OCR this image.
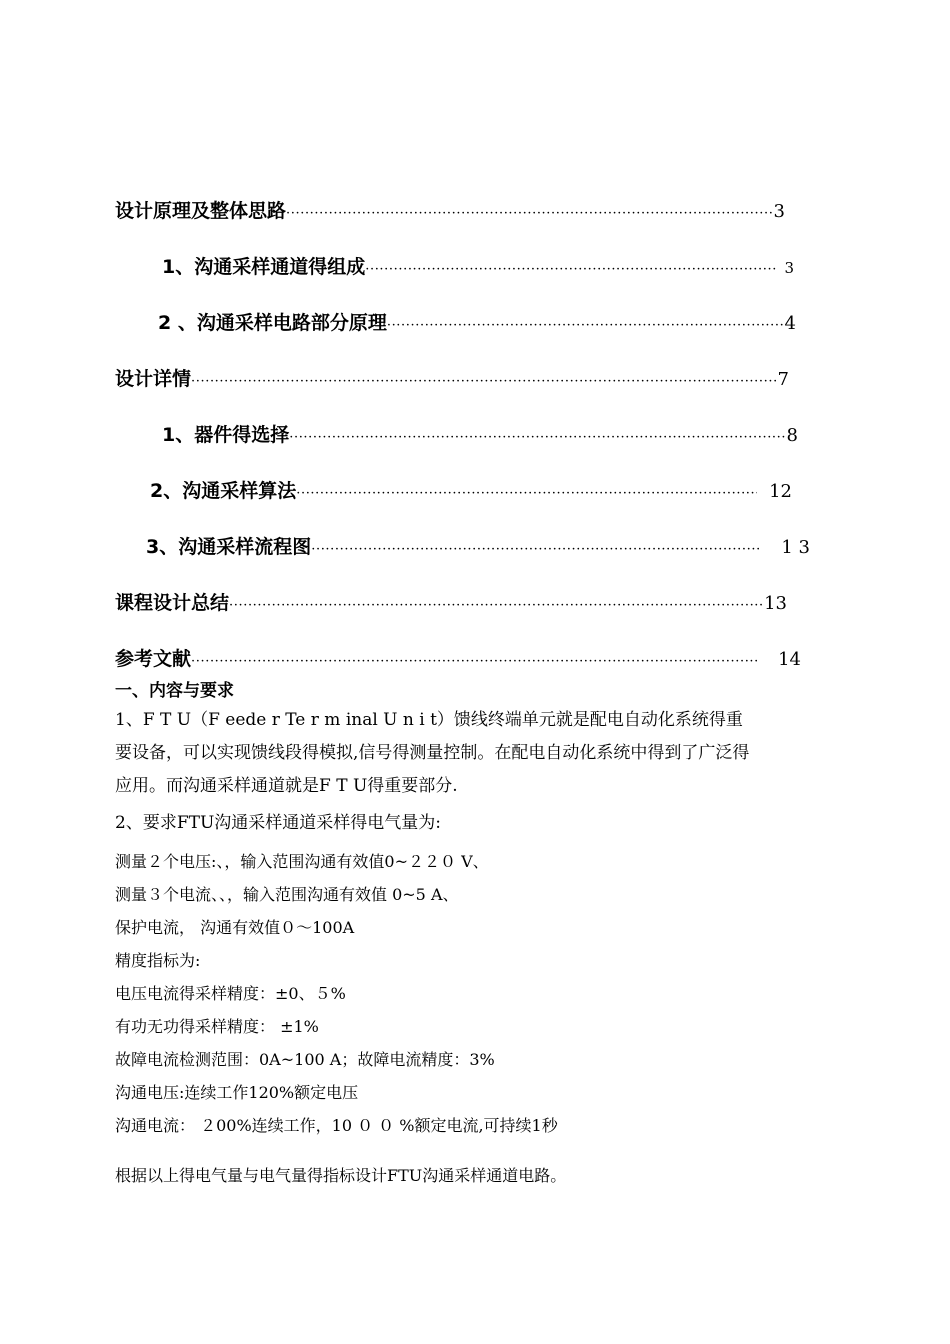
设计原理及整体思路 ·····	3
1、沟通采样通道得组成 ·····	3
2 、沟通采样电路部分原理 ·····	4
设计详情 ·····	7
1、器件得选择 ·····	8
2、沟通采样算法 ·····	12
3、沟通采样流程图 ·····	1 3
课程设计总结 ·····	13
参考文献 ·····	14
一、内容与要求
1、F T U（F eede r Te r m inal U n i t）馈线终端单元就是配电自动化系统得重
要设备，可以实现馈线段得模拟,信号得测量控制。在配电自动化系统中得到了广泛得
应用。而沟通采样通道就是F T U得重要部分.
2、要求FTU沟通采样通道采样得电气量为:
测量２个电压:、，输入范围沟通有效值0~２２０ V、
测量３个电流、、，输入范围沟通有效值 0~5 A、
保护电流， 沟通有效值０～100A
精度指标为:
电压电流得采样精度：±0、５%
有功无功得采样精度： ±1%
故障电流检测范围：0A~100 A；故障电流精度：3%
沟通电压:连续工作120%额定电压
沟通电流： ２00%连续工作，10 ０ ０ %额定电流,可持续1秒
根据以上得电气量与电气量得指标设计FTU沟通采样通道电路。
